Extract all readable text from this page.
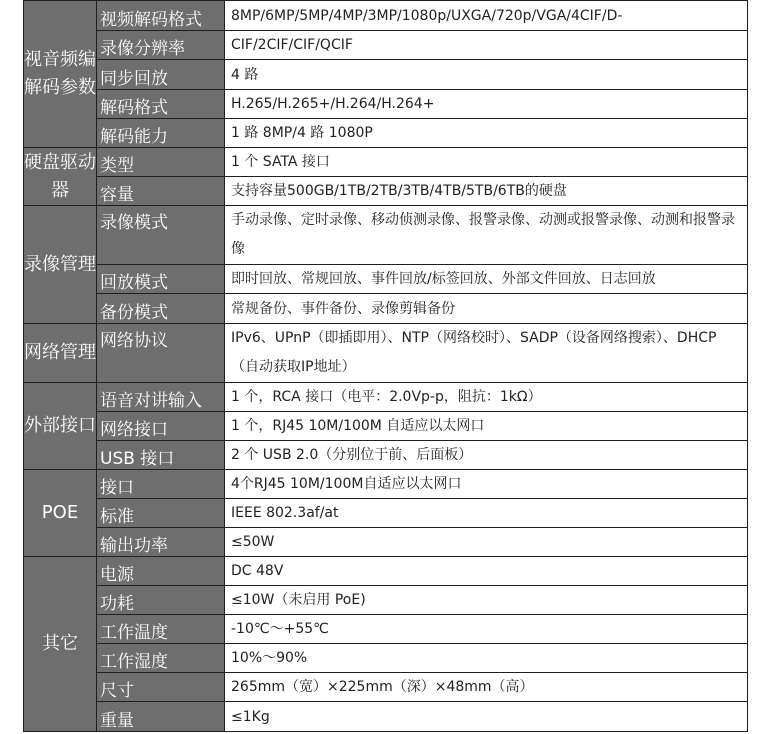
视音频编解码参数	视频解码格式	8MP/6MP/5MP/4MP/3MP/1080p/UXGA/720p/VGA/4CIF/D-
	录像分辨率	CIF/2CIF/CIF/QCIF
	同步回放	4 路
	解码格式	H.265/H.265+/H.264/H.264+
	解码能力	1 路 8MP/4 路 1080P
硬盘驱动器	类型	1 个 SATA 接口
	容量	支持容量500GB/1TB/2TB/3TB/4TB/5TB/6TB的硬盘
录像管理	录像模式	手动录像、定时录像、移动侦测录像、报警录像、动测或报警录像、动测和报警录像
	回放模式	即时回放、常规回放、事件回放/标签回放、外部文件回放、日志回放
	备份模式	常规备份、事件备份、录像剪辑备份
网络管理	网络协议	IPv6、UPnP（即插即用）、NTP（网络校时）、SADP（设备网络搜索）、DHCP（自动获取IP地址）
外部接口	语音对讲输入	1 个，RCA 接口（电平：2.0Vp-p，阻抗：1kΩ）
	网络接口	1 个，RJ45 10M/100M 自适应以太网口
	USB 接口	2 个 USB 2.0（分别位于前、后面板）
POE	接口	4个RJ45 10M/100M自适应以太网口
	标准	IEEE 802.3af/at
	输出功率	≤50W
其它	电源	DC 48V
	功耗	≤10W（未启用 PoE)
	工作温度	-10℃～+55℃
	工作湿度	10%～90%
	尺寸	265mm（宽）×225mm（深）×48mm（高）
	重量	≤1Kg
